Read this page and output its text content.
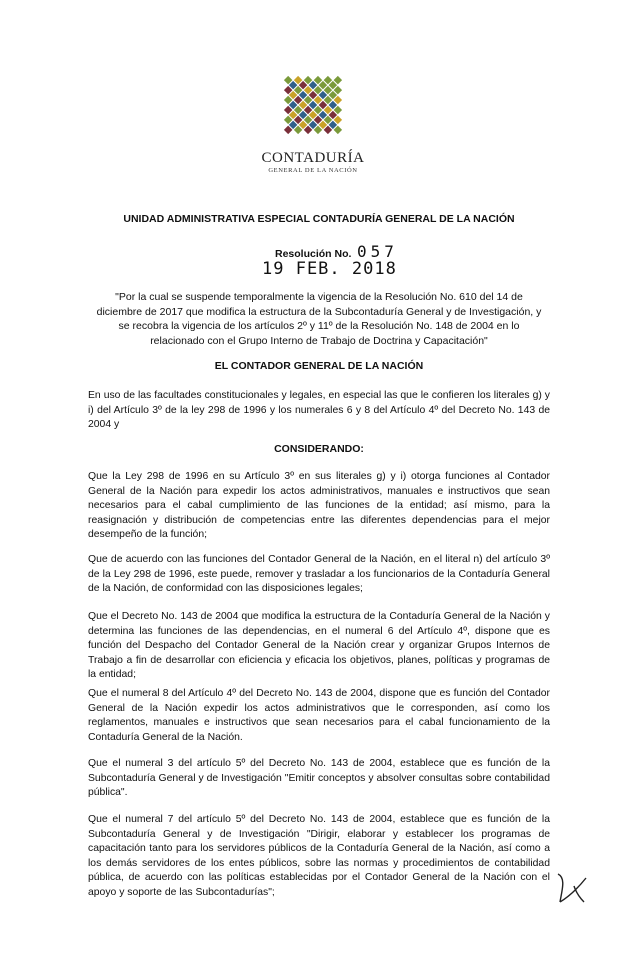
CONTADURÍA
GENERAL DE LA NACIÓN
UNIDAD ADMINISTRATIVA ESPECIAL CONTADURÍA GENERAL DE LA NACIÓN
Resolución No. 057
19 FEB. 2018
"Por la cual se suspende temporalmente la vigencia de la Resolución No. 610 del 14 de diciembre de 2017 que modifica la estructura de la Subcontaduría General y de Investigación, y se recobra la vigencia de los artículos 2º y 11º de la Resolución No. 148 de 2004 en lo relacionado con el Grupo Interno de Trabajo de Doctrina y Capacitación"
EL CONTADOR GENERAL DE LA NACIÓN
En uso de las facultades constitucionales y legales, en especial las que le confieren los literales g) y i) del Artículo 3º de la ley 298 de 1996 y los numerales 6 y 8 del Artículo 4º del Decreto No. 143 de 2004 y
CONSIDERANDO:
Que la Ley 298 de 1996 en su Artículo 3º en sus literales g) y i) otorga funciones al Contador General de la Nación para expedir los actos administrativos, manuales e instructivos que sean necesarios para el cabal cumplimiento de las funciones de la entidad; así mismo, para la reasignación y distribución de competencias entre las diferentes dependencias para el mejor desempeño de la función;
Que de acuerdo con las funciones del Contador General de la Nación, en el literal n) del artículo 3º de la Ley 298 de 1996, este puede, remover y trasladar a los funcionarios de la Contaduría General de la Nación, de conformidad con las disposiciones legales;
Que el Decreto No. 143 de 2004 que modifica la estructura de la Contaduría General de la Nación y determina las funciones de las dependencias, en el numeral 6 del Artículo 4º, dispone que es función del Despacho del Contador General de la Nación crear y organizar Grupos Internos de Trabajo a fin de desarrollar con eficiencia y eficacia los objetivos, planes, políticas y programas de la entidad;
Que el numeral 8 del Artículo 4º del Decreto No. 143 de 2004, dispone que es función del Contador General de la Nación expedir los actos administrativos que le corresponden, así como los reglamentos, manuales e instructivos que sean necesarios para el cabal funcionamiento de la Contaduría General de la Nación.
Que el numeral 3 del artículo 5º del Decreto No. 143 de 2004, establece que es función de la Subcontaduría General y de Investigación "Emitir conceptos y absolver consultas sobre contabilidad pública".
Que el numeral 7 del artículo 5º del Decreto No. 143 de 2004, establece que es función de la Subcontaduría General y de Investigación "Dirigir, elaborar y establecer los programas de capacitación tanto para los servidores públicos de la Contaduría General de la Nación, así como a los demás servidores de los entes públicos, sobre las normas y procedimientos de contabilidad pública, de acuerdo con las políticas establecidas por el Contador General de la Nación con el apoyo y soporte de las Subcontadurías";
